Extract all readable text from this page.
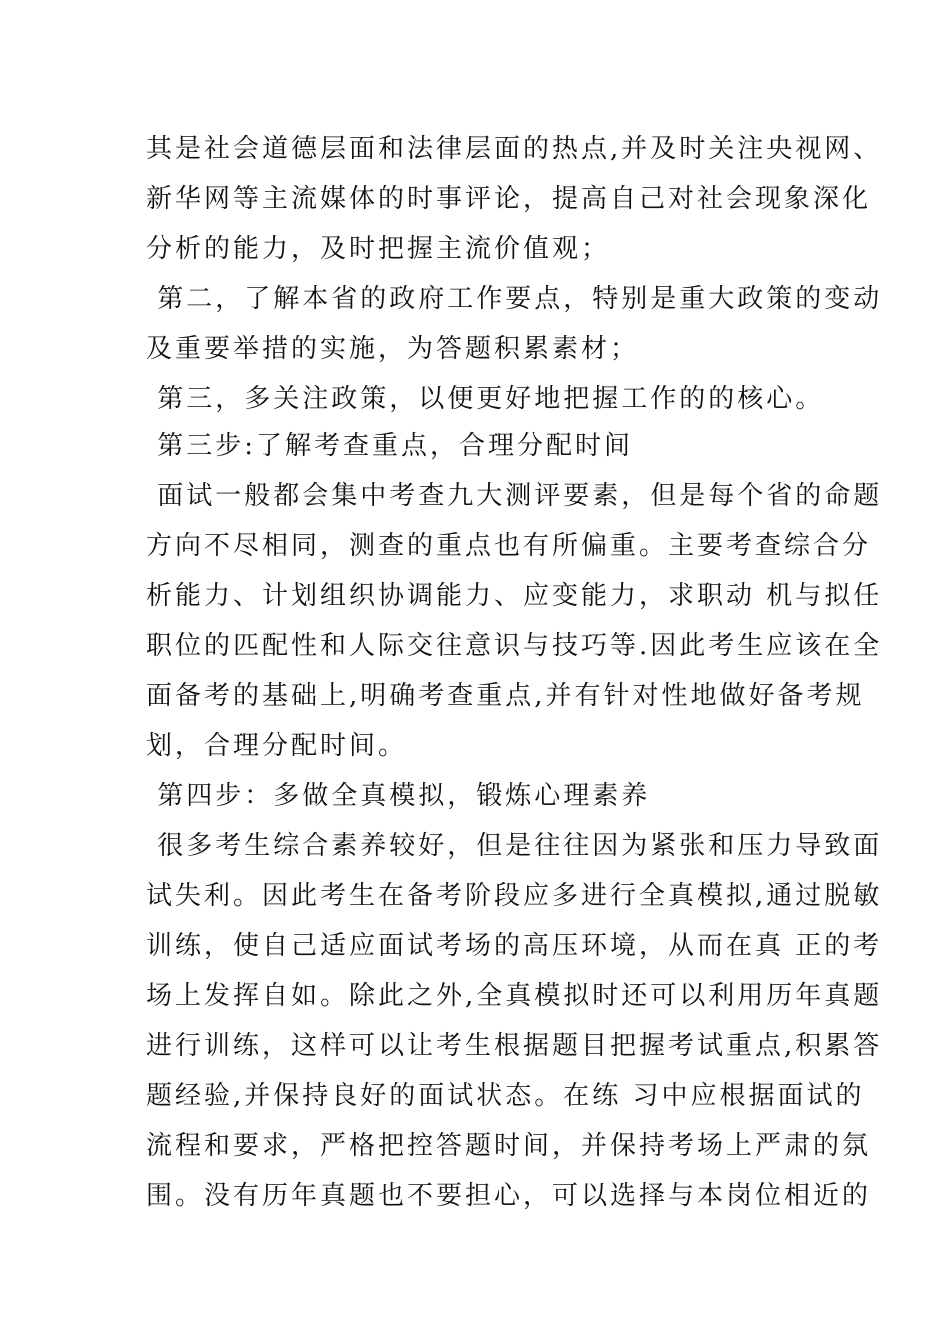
其是社会道德层面和法律层面的热点,并及时关注央视网、
新华网等主流媒体的时事评论，提高自己对社会现象深化
分析的能力，及时把握主流价值观；
第二，了解本省的政府工作要点，特别是重大政策的变动
及重要举措的实施，为答题积累素材；
第三，多关注政策，以便更好地把握工作的的核心。
第三步:了解考查重点，合理分配时间
面试一般都会集中考查九大测评要素，但是每个省的命题
方向不尽相同，测查的重点也有所偏重。主要考查综合分
析能力、计划组织协调能力、应变能力，求职动 机与拟任
职位的匹配性和人际交往意识与技巧等.因此考生应该在全
面备考的基础上,明确考查重点,并有针对性地做好备考规
划，合理分配时间。
第四步：多做全真模拟，锻炼心理素养
很多考生综合素养较好，但是往往因为紧张和压力导致面
试失利。因此考生在备考阶段应多进行全真模拟,通过脱敏
训练，使自己适应面试考场的高压环境，从而在真 正的考
场上发挥自如。除此之外,全真模拟时还可以利用历年真题
进行训练，这样可以让考生根据题目把握考试重点,积累答
题经验,并保持良好的面试状态。在练 习中应根据面试的
流程和要求，严格把控答题时间，并保持考场上严肃的氛
围。没有历年真题也不要担心，可以选择与本岗位相近的
